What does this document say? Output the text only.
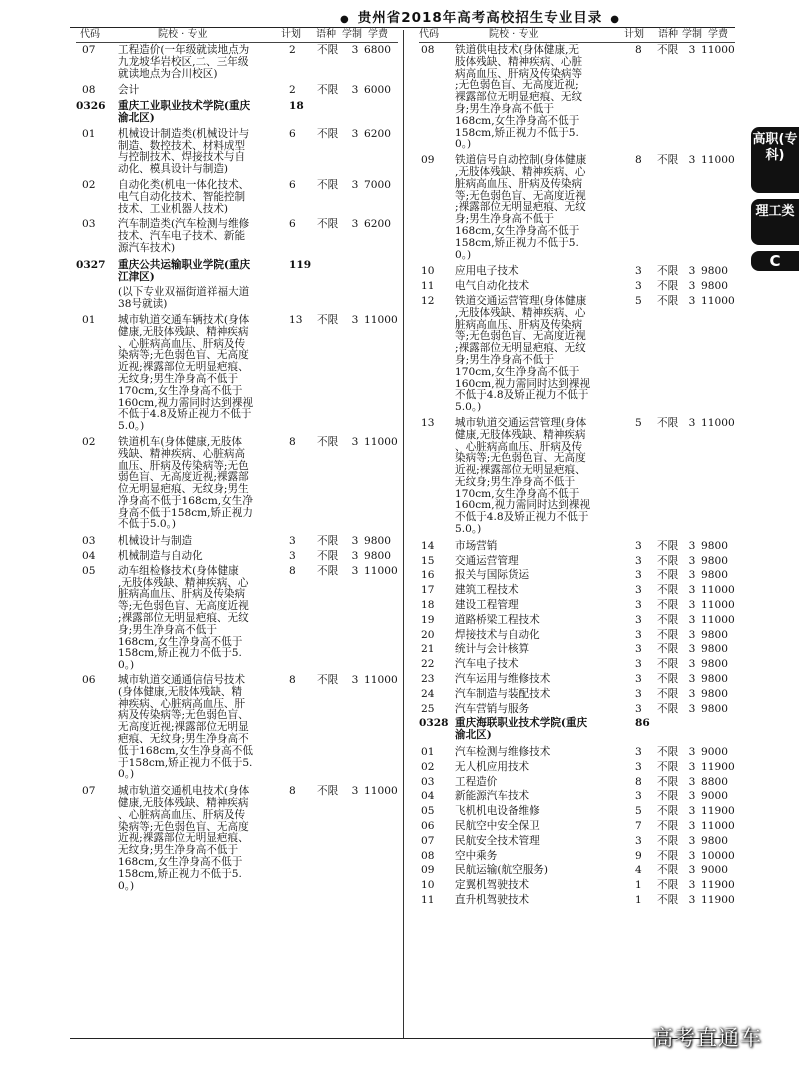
● 贵州省2018年高考高校招生专业目录 ●
代码	院校 · 专业	计划 语种 学制 学费
07	工程造价(一年级就读地点为
九龙坡华岩校区,二、三年级
就读地点为合川校区)
2	不限	3 6800
08	会计	2	不限	3 6000
0326	重庆工业职业技术学院(重庆
渝北区)
18
01	机械设计制造类(机械设计与
制造、数控技术、材料成型
与控制技术、焊接技术与自
动化、模具设计与制造)
6	不限	3 6200
02	自动化类(机电一体化技术、
电气自动化技术、智能控制
技术、工业机器人技术)
6	不限	3 7000
03	汽车制造类(汽车检测与维修
技术、汽车电子技术、新能
源汽车技术)
6	不限	3 6200
0327	重庆公共运输职业学院(重庆
江津区)
119
(以下专业双福街道祥福大道
38号就读)
01	城市轨道交通车辆技术(身体
健康,无肢体残缺、精神疾病
、心脏病高血压、肝病及传
染病等;无色弱色盲、无高度
近视;裸露部位无明显疤痕、
无纹身;男生净身高不低于
170cm,女生净身高不低于
160cm,视力需同时达到裸视
不低于4.8及矫正视力不低于
5.0。)
13	不限	3 11000
02	铁道机车(身体健康,无肢体
残缺、精神疾病、心脏病高
血压、肝病及传染病等;无色
弱色盲、无高度近视;裸露部
位无明显疤痕、无纹身;男生
净身高不低于168cm,女生净
身高不低于158cm,矫正视力
不低于5.0。)
8	不限	3 11000
03	机械设计与制造	3	不限	3 9800
04	机械制造与自动化	3	不限	3 9800
05	动车组检修技术(身体健康
,无肢体残缺、精神疾病、心
脏病高血压、肝病及传染病
等;无色弱色盲、无高度近视
;裸露部位无明显疤痕、无纹
身;男生净身高不低于
168cm,女生净身高不低于
158cm,矫正视力不低于5.
0。)
8	不限	3 11000
06	城市轨道交通通信信号技术
(身体健康,无肢体残缺、精
神疾病、心脏病高血压、肝
病及传染病等;无色弱色盲、
无高度近视;裸露部位无明显
疤痕、无纹身;男生净身高不
低于168cm,女生净身高不低
于158cm,矫正视力不低于5.
0。)
8	不限	3 11000
07	城市轨道交通机电技术(身体
健康,无肢体残缺、精神疾病
、心脏病高血压、肝病及传
染病等;无色弱色盲、无高度
近视;裸露部位无明显疤痕、
无纹身;男生净身高不低于
168cm,女生净身高不低于
158cm,矫正视力不低于5.
0。)
8	不限	3 11000
代码	院校 · 专业	计划 语种 学制 学费
08	铁道供电技术(身体健康,无
肢体残缺、精神疾病、心脏
病高血压、肝病及传染病等
;无色弱色盲、无高度近视;
裸露部位无明显疤痕、无纹
身;男生净身高不低于
168cm,女生净身高不低于
158cm,矫正视力不低于5.
0。)
8	不限 3 11000
09	铁道信号自动控制(身体健康
,无肢体残缺、精神疾病、心
脏病高血压、肝病及传染病
等;无色弱色盲、无高度近视
;裸露部位无明显疤痕、无纹
身;男生净身高不低于
168cm,女生净身高不低于
158cm,矫正视力不低于5.
0。)
8	不限 3 11000
10	应用电子技术	3	不限 3 9800
11	电气自动化技术	3	不限 3 9800
12	铁道交通运营管理(身体健康
,无肢体残缺、精神疾病、心
脏病高血压、肝病及传染病
等;无色弱色盲、无高度近视
;裸露部位无明显疤痕、无纹
身;男生净身高不低于
170cm,女生净身高不低于
160cm,视力需同时达到裸视
不低于4.8及矫正视力不低于
5.0。)
5	不限 3 11000
13	城市轨道交通运营管理(身体
健康,无肢体残缺、精神疾病
、心脏病高血压、肝病及传
染病等;无色弱色盲、无高度
近视;裸露部位无明显疤痕、
无纹身;男生净身高不低于
170cm,女生净身高不低于
160cm,视力需同时达到裸视
不低于4.8及矫正视力不低于
5.0。)
5	不限 3 11000
14	市场营销	3	不限 3 9800
15	交通运营管理	3	不限 3 9800
16	报关与国际货运	3	不限 3 9800
17	建筑工程技术	3	不限 3 11000
18	建设工程管理	3	不限 3 11000
19	道路桥梁工程技术	3	不限 3 11000
20	焊接技术与自动化	3	不限 3 9800
21	统计与会计核算	3	不限 3 9800
22	汽车电子技术	3	不限 3 9800
23	汽车运用与维修技术	3	不限 3 9800
24	汽车制造与装配技术	3	不限 3 9800
25	汽车营销与服务	3	不限 3 9800
0328 重庆海联职业技术学院(重庆
渝北区)
86
01	汽车检测与维修技术	3	不限 3 9000
02	无人机应用技术	3	不限 3 11900
03	工程造价	8	不限 3 8800
04	新能源汽车技术	3	不限 3 9000
05	飞机机电设备维修	5	不限 3 11900
06	民航空中安全保卫	7	不限 3 11000
07	民航安全技术管理	3	不限 3 9800
08	空中乘务	9	不限 3 10000
09	民航运输(航空服务)	4	不限 3 9000
10	定翼机驾驶技术	1	不限 3 11900
11	直升机驾驶技术	1	不限 3 11900
高职(专科)
理工类
C
高考直通车
